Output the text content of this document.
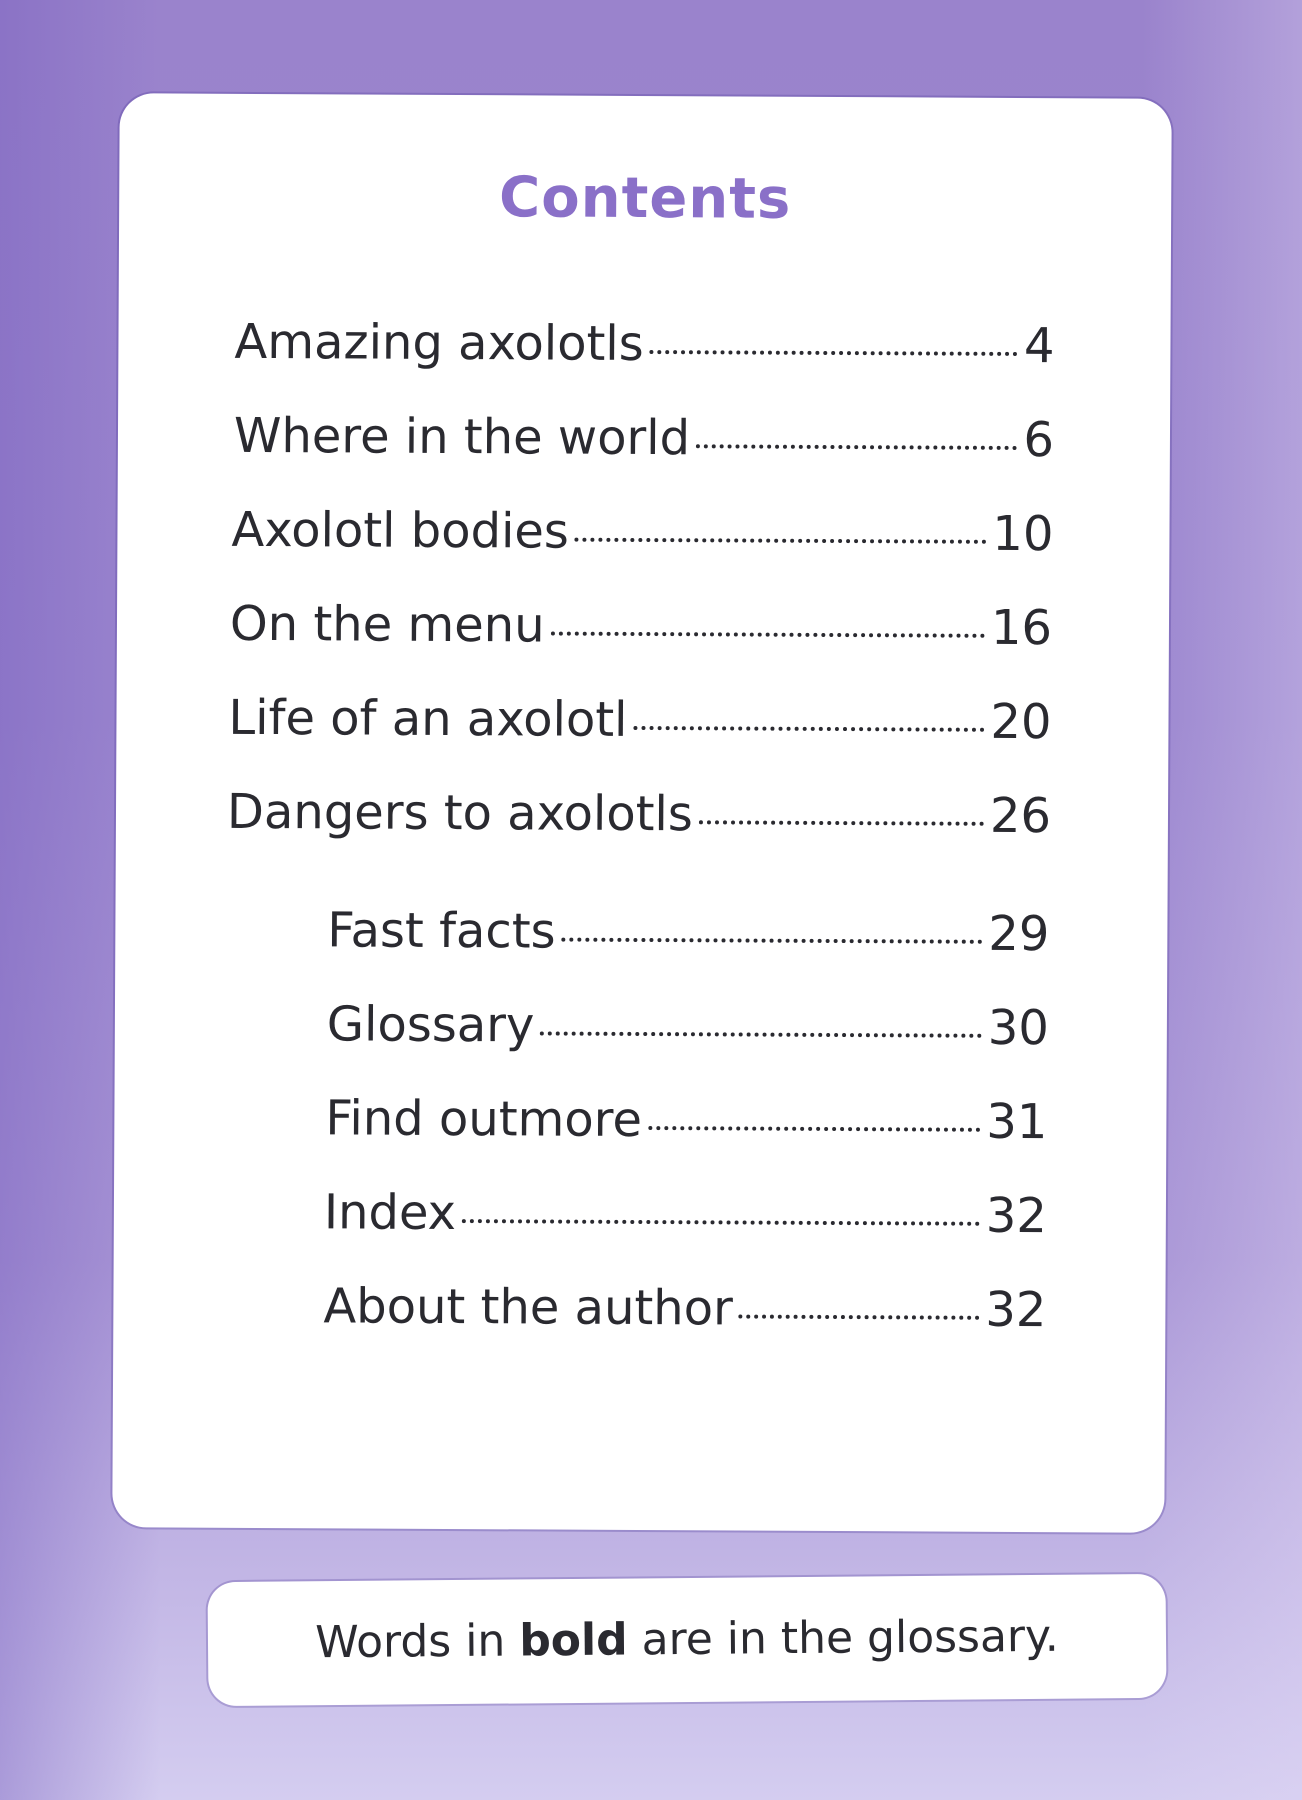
Contents
Amazing axolotls	4
Where in the world	6
Axolotl bodies	10
On the menu	16
Life of an axolotl	20
Dangers to axolotls	26
Fast facts	29
Glossary	30
Find outmore	31
Index	32
About the author	32
Words in bold are in the glossary.
